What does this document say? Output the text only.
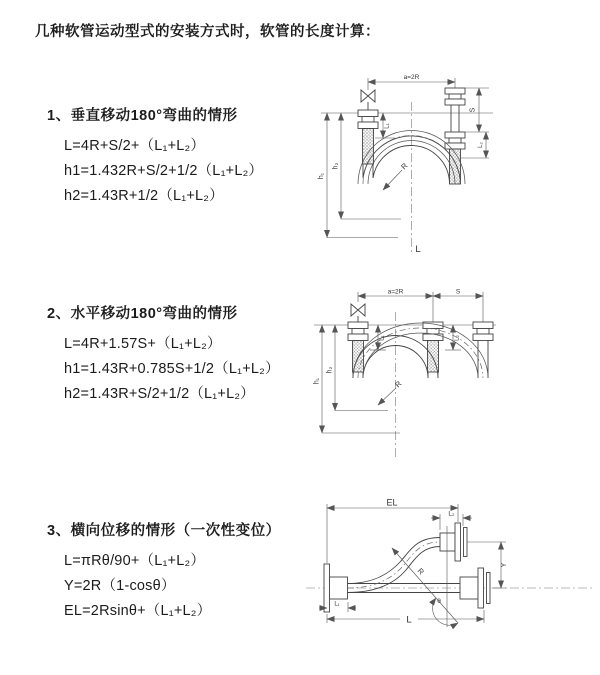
几种软管运动型式的安装方式时，软管的长度计算：
1、垂直移动180°弯曲的情形
L=4R+S/2+（L₁+L₂）
h1=1.432R+S/2+1/2（L₁+L₂）
h2=1.43R+1/2（L₁+L₂）
2、水平移动180°弯曲的情形
L=4R+1.57S+（L₁+L₂）
h1=1.43R+0.785S+1/2（L₁+L₂）
h2=1.43R+S/2+1/2（L₁+L₂）
3、横向位移的情形（一次性变位）
L=πRθ/90+（L₁+L₂）
Y=2R（1-cosθ）
EL=2Rsinθ+（L₁+L₂）
a=2R
h₁
h₂
L₁
S
L₂
R
L
a=2R	S
h₁
h₂
L₁	L₂
R
EL
L₂
L₁
Y
θ
R
L
